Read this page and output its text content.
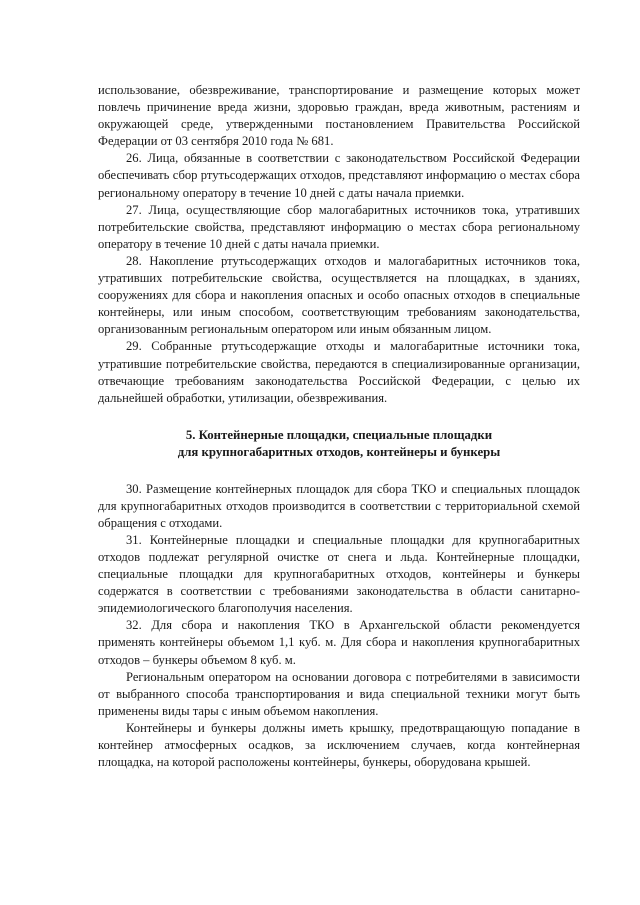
использование, обезвреживание, транспортирование и размещение которых может повлечь причинение вреда жизни, здоровью граждан, вреда животным, растениям и окружающей среде, утвержденными постановлением Правительства Российской Федерации от 03 сентября 2010 года № 681.

26. Лица, обязанные в соответствии с законодательством Российской Федерации обеспечивать сбор ртутьсодержащих отходов, представляют информацию о местах сбора региональному оператору в течение 10 дней с даты начала приемки.

27. Лица, осуществляющие сбор малогабаритных источников тока, утративших потребительские свойства, представляют информацию о местах сбора региональному оператору в течение 10 дней с даты начала приемки.

28. Накопление ртутьсодержащих отходов и малогабаритных источников тока, утративших потребительские свойства, осуществляется на площадках, в зданиях, сооружениях для сбора и накопления опасных и особо опасных отходов в специальные контейнеры, или иным способом, соответствующим требованиям законодательства, организованным региональным оператором или иным обязанным лицом.

29. Собранные ртутьсодержащие отходы и малогабаритные источники тока, утратившие потребительские свойства, передаются в специализированные организации, отвечающие требованиям законодательства Российской Федерации, с целью их дальнейшей обработки, утилизации, обезвреживания.

5. Контейнерные площадки, специальные площадки
для крупногабаритных отходов, контейнеры и бункеры

30. Размещение контейнерных площадок для сбора ТКО и специальных площадок для крупногабаритных отходов производится в соответствии с территориальной схемой обращения с отходами.

31. Контейнерные площадки и специальные площадки для крупногабаритных отходов подлежат регулярной очистке от снега и льда. Контейнерные площадки, специальные площадки для крупногабаритных отходов, контейнеры и бункеры содержатся в соответствии с требованиями законодательства в области санитарно-эпидемиологического благополучия населения.

32. Для сбора и накопления ТКО в Архангельской области рекомендуется применять контейнеры объемом 1,1 куб. м. Для сбора и накопления крупногабаритных отходов – бункеры объемом 8 куб. м.

Региональным оператором на основании договора с потребителями в зависимости от выбранного способа транспортирования и вида специальной техники могут быть применены виды тары с иным объемом накопления.

Контейнеры и бункеры должны иметь крышку, предотвращающую попадание в контейнер атмосферных осадков, за исключением случаев, когда контейнерная площадка, на которой расположены контейнеры, бункеры, оборудована крышей.
